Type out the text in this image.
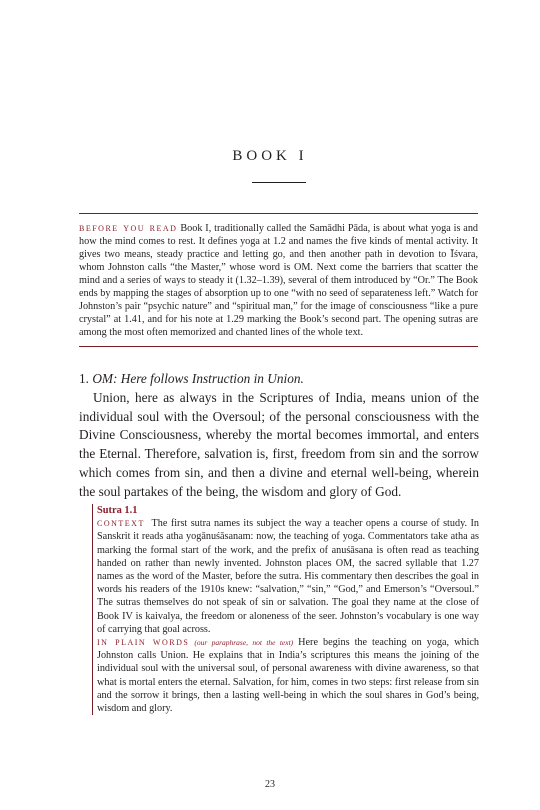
BOOK I
before you read Book I, traditionally called the Samādhi Pāda, is about what yoga is and how the mind comes to rest. It defines yoga at 1.2 and names the five kinds of mental activity. It gives two means, steady practice and letting go, and then another path in devotion to Īśvara, whom Johnston calls “the Master,” whose word is OM. Next come the barriers that scatter the mind and a series of ways to steady it (1.32–1.39), several of them introduced by “Or.” The Book ends by mapping the stages of absorption up to one “with no seed of separateness left.” Watch for Johnston’s pair “psychic nature” and “spiritual man,” for the image of consciousness “like a pure crystal” at 1.41, and for his note at 1.29 marking the Book’s second part. The opening sutras are among the most often memorized and chanted lines of the whole text.

1. OM: Here follows Instruction in Union.

Union, here as always in the Scriptures of India, means union of the individual soul with the Oversoul; of the personal consciousness with the Divine Consciousness, whereby the mortal becomes immortal, and enters the Eternal. Therefore, salvation is, first, freedom from sin and the sorrow which comes from sin, and then a divine and eternal well-being, wherein the soul partakes of the being, the wisdom and glory of God.

Sutra 1.1

context The first sutra names its subject the way a teacher opens a course of study. In Sanskrit it reads atha yogānuśāsanam: now, the teaching of yoga. Commentators take atha as marking the formal start of the work, and the prefix of anuśāsana is often read as teaching handed on rather than newly invented. Johnston places OM, the sacred syllable that 1.27 names as the word of the Master, before the sutra. His commentary then describes the goal in words his readers of the 1910s knew: “salvation,” “sin,” “God,” and Emerson’s “Oversoul.” The sutras themselves do not speak of sin or salvation. The goal they name at the close of Book IV is kaivalya, the freedom or aloneness of the seer. Johnston’s vocabulary is one way of carrying that goal across.

in plain words (our paraphrase, not the text) Here begins the teaching on yoga, which Johnston calls Union. He explains that in India’s scriptures this means the joining of the individual soul with the universal soul, of personal awareness with divine awareness, so that what is mortal enters the eternal. Salvation, for him, comes in two steps: first release from sin and the sorrow it brings, then a lasting well-being in which the soul shares in God’s being, wisdom and glory.

23
